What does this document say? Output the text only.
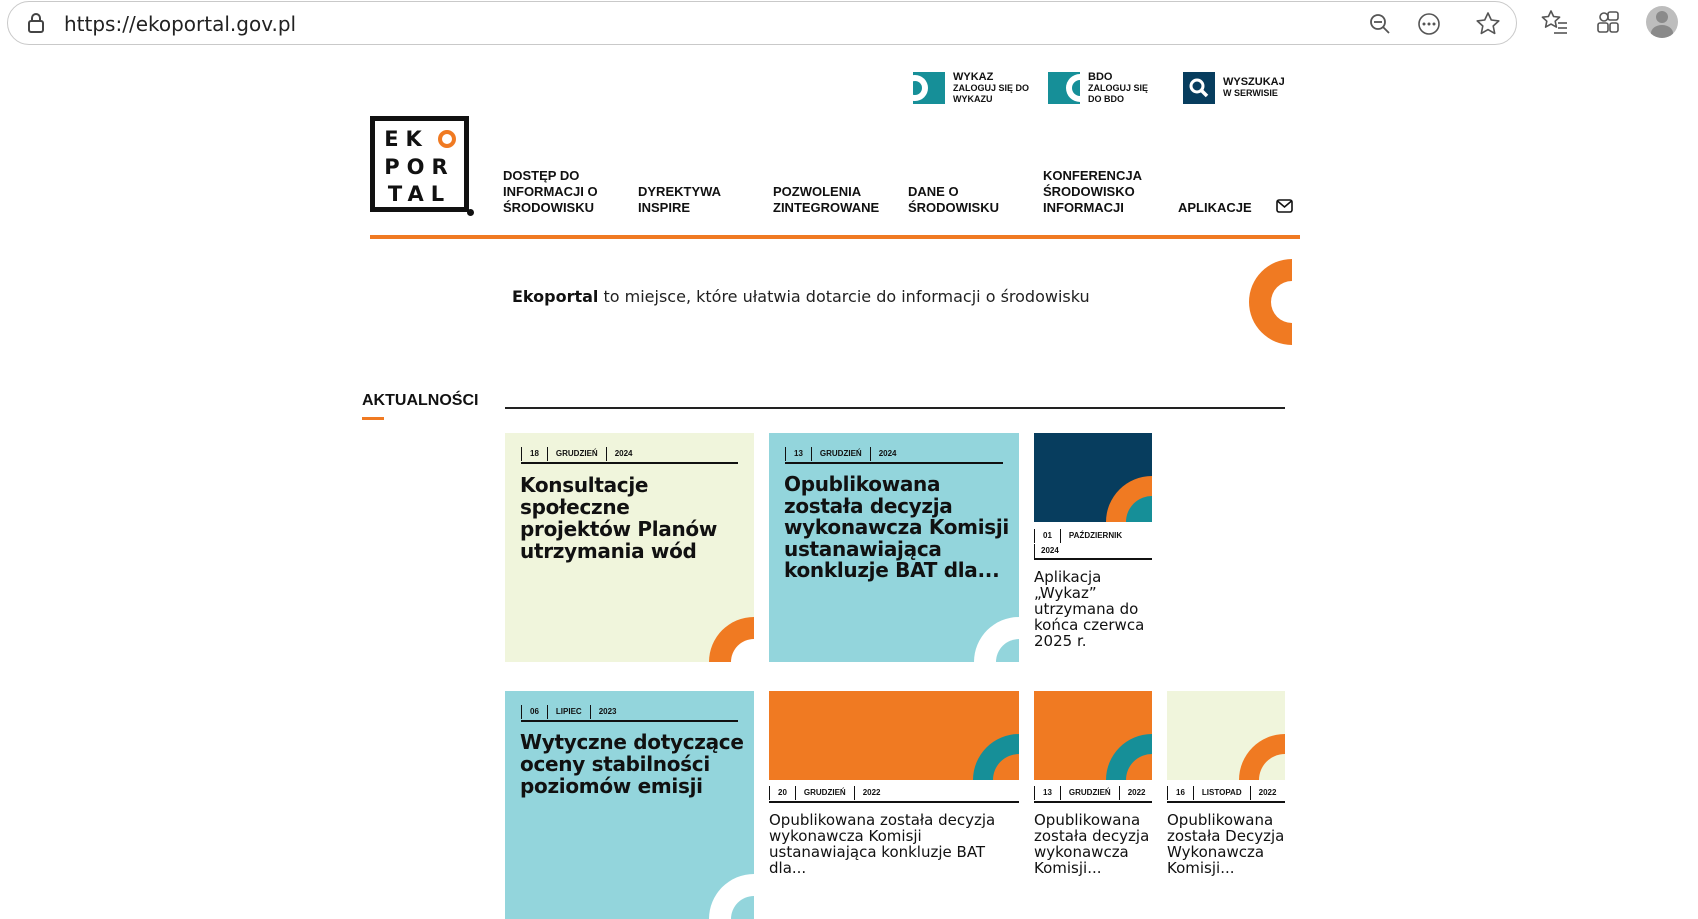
https://ekoportal.gov.pl
WYKAZ
ZALOGUJ SIĘ DO WYKAZU
BDO
ZALOGUJ SIĘ DO BDO
WYSZUKAJ
W SERWISIE
EK
POR
TAL
DOSTĘP DO INFORMACJI O ŚRODOWISKU
DYREKTYWA INSPIRE
POZWOLENIA ZINTEGROWANE
DANE O ŚRODOWISKU
KONFERENCJA ŚRODOWISKO INFORMACJI	APLIKACJE
Ekoportal to miejsce, które ułatwia dotarcie do informacji o środowisku
AKTUALNOŚCI
18	GRUDZIEŃ	2024
Konsultacje społeczne projektów Planów utrzymania wód
13	GRUDZIEŃ	2024
Opublikowana została decyzja wykonawcza Komisji ustanawiająca konkluzje BAT dla...
01	PAŹDZIERNIK
2024
Aplikacja „Wykaz” utrzymana do końca czerwca 2025 r.
06	LIPIEC	2023
Wytyczne dotyczące oceny stabilności poziomów emisji	20	GRUDZIEŃ	2022
Opublikowana została decyzja wykonawcza Komisji ustanawiająca konkluzje BAT dla...
13	GRUDZIEŃ	2022
Opublikowana została decyzja wykonawcza Komisji...
16	LISTOPAD	2022
Opublikowana została Decyzja Wykonawcza Komisji...
